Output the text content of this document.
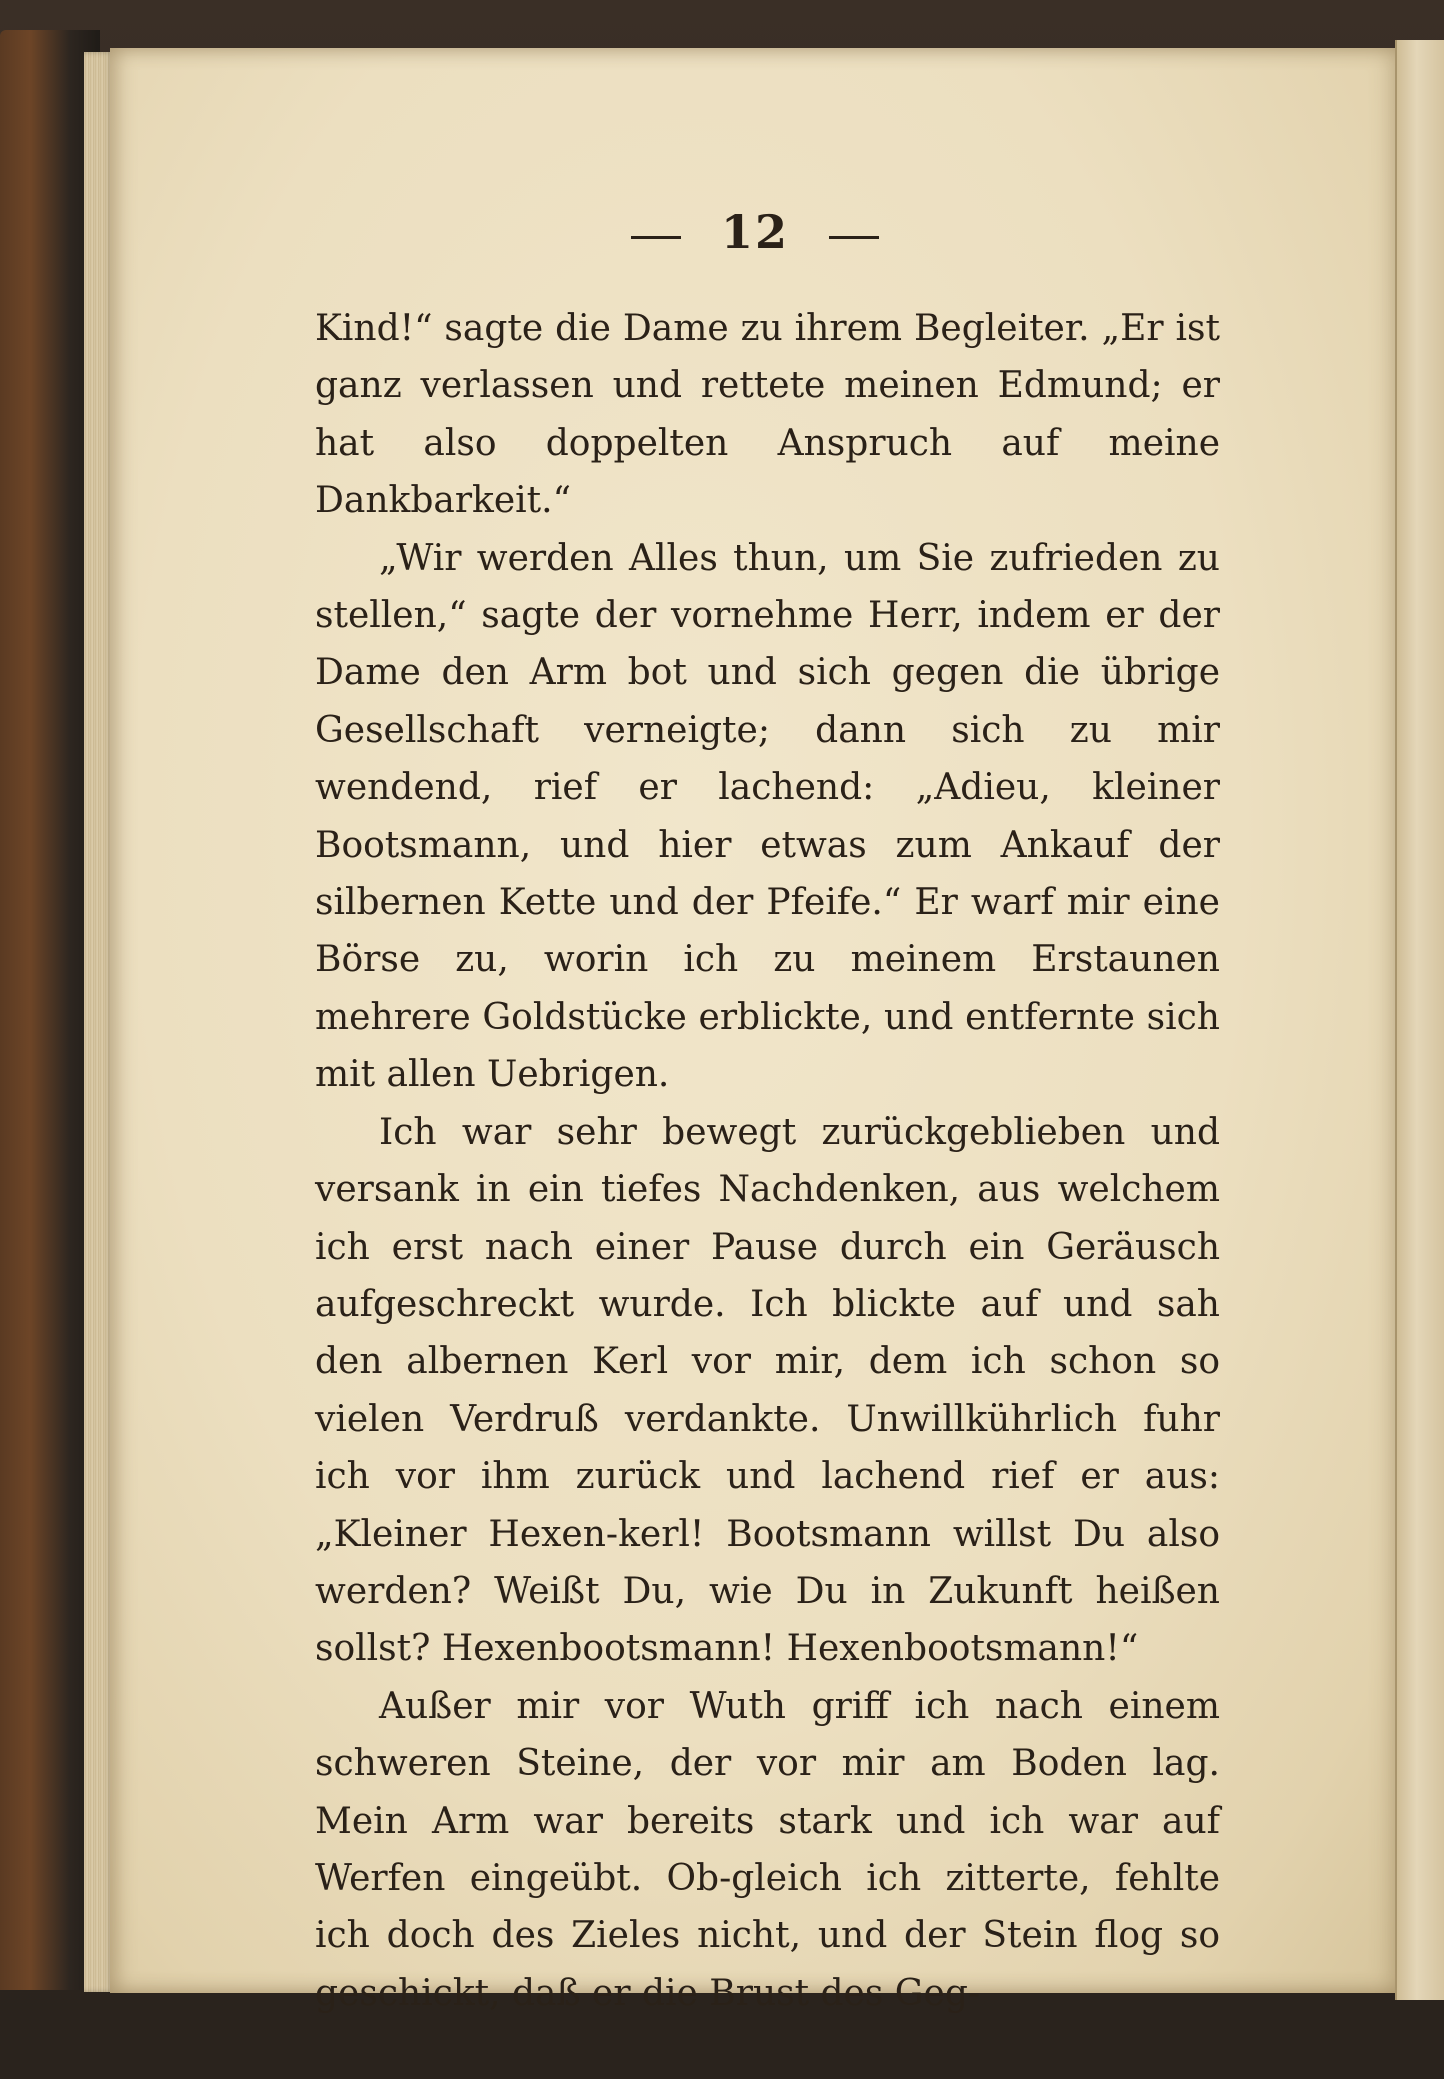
12

Kind!“ sagte die Dame zu ihrem Begleiter. „Er ist ganz verlassen und rettete meinen Edmund; er hat also doppelten Anspruch auf meine Dankbarkeit.“

„Wir werden Alles thun, um Sie zufrieden zu stellen,“ sagte der vornehme Herr, indem er der Dame den Arm bot und sich gegen die übrige Gesellschaft verneigte; dann sich zu mir wendend, rief er lachend: „Adieu, kleiner Bootsmann, und hier etwas zum Ankauf der silbernen Kette und der Pfeife.“ Er warf mir eine Börse zu, worin ich zu meinem Erstaunen mehrere Goldstücke erblickte, und entfernte sich mit allen Uebrigen.

Ich war sehr bewegt zurückgeblieben und versank in ein tiefes Nachdenken, aus welchem ich erst nach einer Pause durch ein Geräusch aufgeschreckt wurde. Ich blickte auf und sah den albernen Kerl vor mir, dem ich schon so vielen Verdruß verdankte. Unwillkührlich fuhr ich vor ihm zurück und lachend rief er aus: „Kleiner Hexen-kerl! Bootsmann willst Du also werden? Weißt Du, wie Du in Zukunft heißen sollst? Hexenbootsmann! Hexenbootsmann!“

Außer mir vor Wuth griff ich nach einem schweren Steine, der vor mir am Boden lag. Mein Arm war bereits stark und ich war auf Werfen eingeübt. Ob-gleich ich zitterte, fehlte ich doch des Zieles nicht, und der Stein flog so geschickt, daß er die Brust des Geg-
